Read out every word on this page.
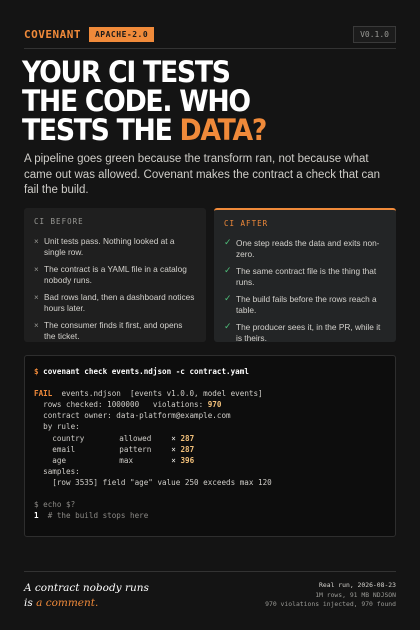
COVENANT	APACHE-2.0	V0.1.0
YOUR CI TESTS
THE CODE. WHO
TESTS THE DATA?

A pipeline goes green because the transform ran, not because what came out was allowed. Covenant makes the contract a check that can fail the build.

CI BEFORE
× Unit tests pass. Nothing looked at a single row.
× The contract is a YAML file in a catalog nobody runs.
× Bad rows land, then a dashboard notices hours later.
× The consumer finds it first, and opens the ticket.
CI AFTER
✓ One step reads the data and exits non-zero.
✓ The same contract file is the thing that runs.
✓ The build fails before the rows reach a table.
✓ The producer sees it, in the PR, while it is theirs.
$ covenant check events.ndjson -c contract.yaml

FAIL  events.ndjson  [events v1.0.0, model events]
rows checked: 1000000   violations: 970
contract owner: data-platform@example.com
by rule:
country	allowed	× 287
email	pattern	× 287
age	max	× 396
samples:
[row 3535] field "age" value 250 exceeds max 120

$ echo $?
1  # the build stops here
A contract nobody runs
is a comment.
Real run, 2026-08-23
1M rows, 91 MB NDJSON
970 violations injected, 970 found
